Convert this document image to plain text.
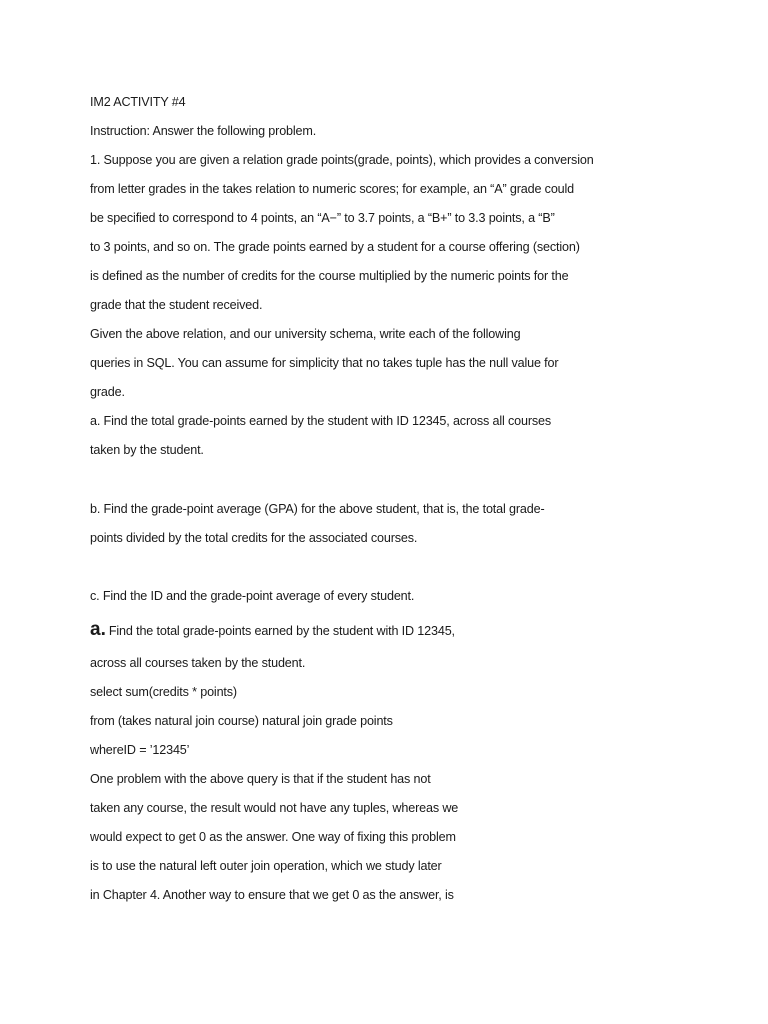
IM2 ACTIVITY #4
Instruction: Answer the following problem.
1. Suppose you are given a relation grade points(grade, points), which provides a conversion
from letter grades in the takes relation to numeric scores; for example, an “A” grade could
be specified to correspond to 4 points, an “A−” to 3.7 points, a “B+” to 3.3 points, a “B”
to 3 points, and so on. The grade points earned by a student for a course offering (section)
is defined as the number of credits for the course multiplied by the numeric points for the
grade that the student received.
Given the above relation, and our university schema, write each of the following
queries in SQL. You can assume for simplicity that no takes tuple has the null value for
grade.
a. Find the total grade-points earned by the student with ID 12345, across all courses
taken by the student.
b. Find the grade-point average (GPA) for the above student, that is, the total grade-
points divided by the total credits for the associated courses.
c. Find the ID and the grade-point average of every student.
a. Find the total grade-points earned by the student with ID 12345,
across all courses taken by the student.
select sum(credits * points)
from (takes natural join course) natural join grade points
whereID = ’12345’
One problem with the above query is that if the student has not
taken any course, the result would not have any tuples, whereas we
would expect to get 0 as the answer. One way of fixing this problem
is to use the natural left outer join operation, which we study later
in Chapter 4. Another way to ensure that we get 0 as the answer, is
